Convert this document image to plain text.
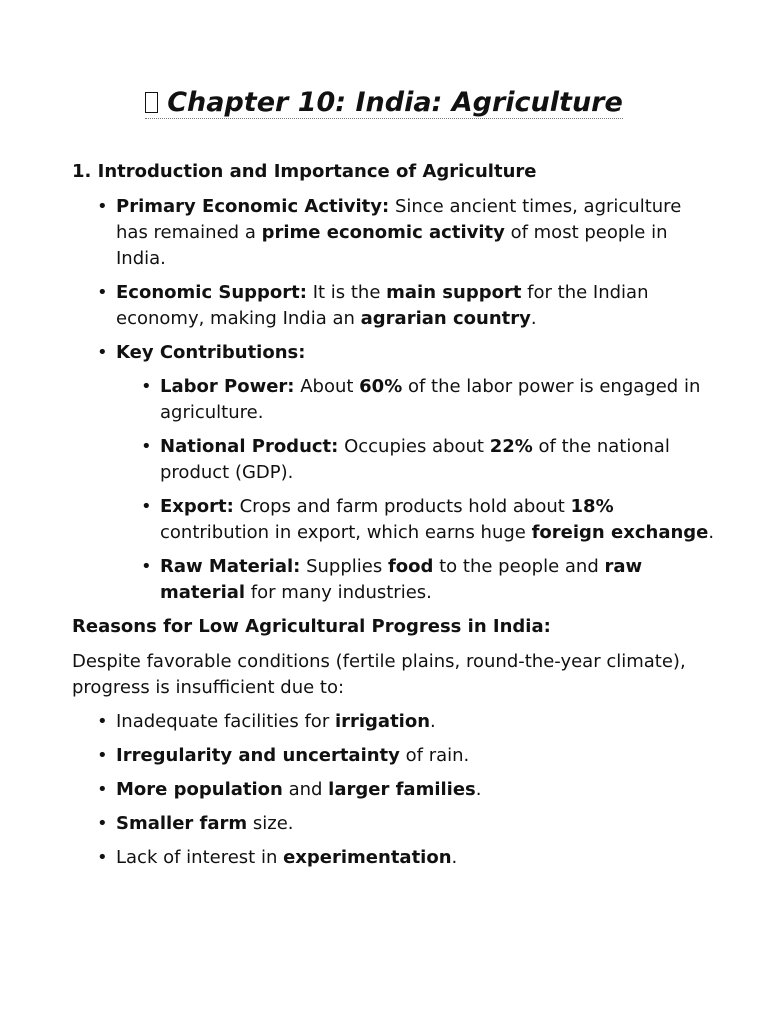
Chapter 10: India: Agriculture
1. Introduction and Importance of Agriculture
• Primary Economic Activity: Since ancient times, agriculture has remained a prime economic activity of most people in India.
• Economic Support: It is the main support for the Indian economy, making India an agrarian country.
• Key Contributions:
• Labor Power: About 60% of the labor power is engaged in agriculture.
• National Product: Occupies about 22% of the national product (GDP).
• Export: Crops and farm products hold about 18% contribution in export, which earns huge foreign exchange.
• Raw Material: Supplies food to the people and raw material for many industries.
Reasons for Low Agricultural Progress in India:

Despite favorable conditions (fertile plains, round-the-year climate), progress is insufficient due to:

• Inadequate facilities for irrigation.
• Irregularity and uncertainty of rain.
• More population and larger families.
• Smaller farm size.
• Lack of interest in experimentation.
